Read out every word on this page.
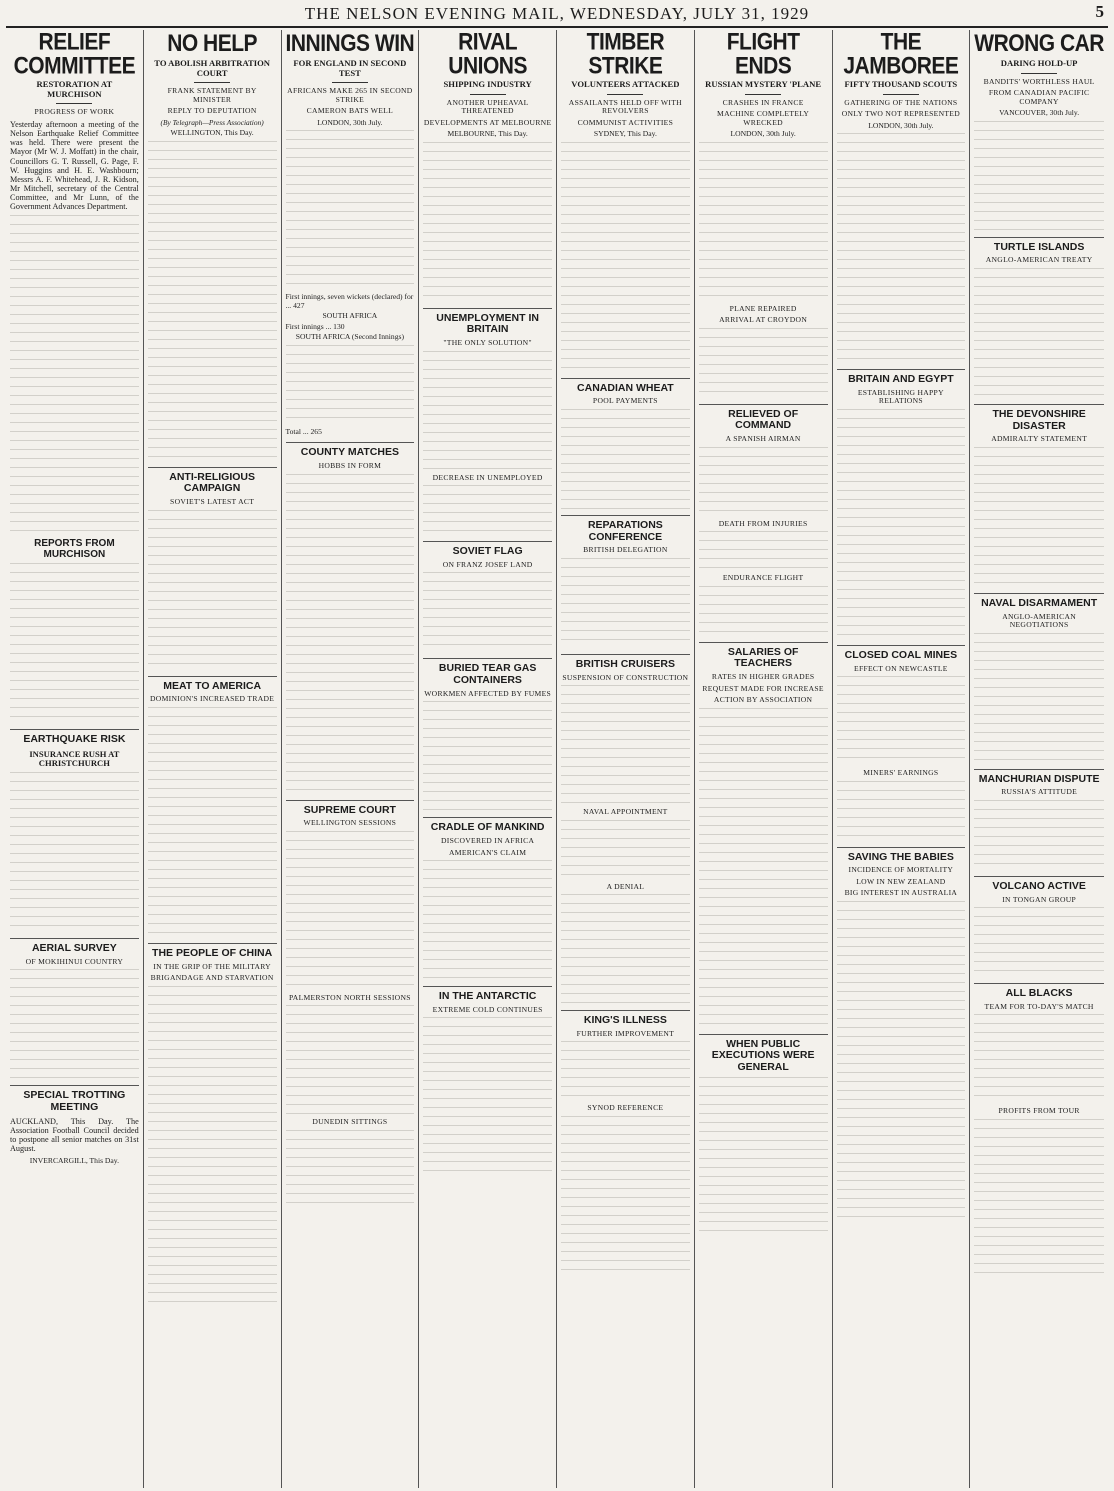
THE NELSON EVENING MAIL, WEDNESDAY, JULY 31, 1929	5
RELIEF COMMITTEE
RESTORATION AT MURCHISON
PROGRESS OF WORK

Yesterday afternoon a meeting of the Nelson Earthquake Relief Committee was held. There were present the Mayor (Mr W. J. Moffatt) in the chair, Councillors G. T. Russell, G. Page, F. W. Huggins and H. E. Washbourn; Messrs A. F. Whitehead, J. R. Kidson, Mr Mitchell, secretary of the Central Committee, and Mr Lunn, of the Government Advances Department.

REPORTS FROM MURCHISON
EARTHQUAKE RISK
INSURANCE RUSH AT CHRISTCHURCH
AERIAL SURVEY
OF MOKIHINUI COUNTRY
SPECIAL TROTTING MEETING

AUCKLAND, This Day. The Association Football Council decided to postpone all senior matches on 31st August.

INVERCARGILL, This Day.
NO HELP
TO ABOLISH ARBITRATION COURT
FRANK STATEMENT BY MINISTER
REPLY TO DEPUTATION
(By Telegraph—Press Association)
WELLINGTON, This Day.
ANTI-RELIGIOUS CAMPAIGN
SOVIET'S LATEST ACT
MEAT TO AMERICA
DOMINION'S INCREASED TRADE
THE PEOPLE OF CHINA
IN THE GRIP OF THE MILITARY
BRIGANDAGE AND STARVATION
INNINGS WIN
FOR ENGLAND IN SECOND TEST
AFRICANS MAKE 265 IN SECOND STRIKE
CAMERON BATS WELL
LONDON, 30th July.
First innings, seven wickets (declared) for ... 427
SOUTH AFRICA
First innings ... 130
SOUTH AFRICA (Second Innings)
Total ... 265
COUNTY MATCHES
HOBBS IN FORM
SUPREME COURT
WELLINGTON SESSIONS
PALMERSTON NORTH SESSIONS
DUNEDIN SITTINGS
RIVAL UNIONS
SHIPPING INDUSTRY
ANOTHER UPHEAVAL THREATENED
DEVELOPMENTS AT MELBOURNE
MELBOURNE, This Day.
UNEMPLOYMENT IN BRITAIN
"THE ONLY SOLUTION"
DECREASE IN UNEMPLOYED
SOVIET FLAG
ON FRANZ JOSEF LAND
BURIED TEAR GAS CONTAINERS
WORKMEN AFFECTED BY FUMES
CRADLE OF MANKIND
DISCOVERED IN AFRICA
AMERICAN'S CLAIM
IN THE ANTARCTIC
EXTREME COLD CONTINUES
TIMBER STRIKE
VOLUNTEERS ATTACKED
ASSAILANTS HELD OFF WITH REVOLVERS
COMMUNIST ACTIVITIES
SYDNEY, This Day.
CANADIAN WHEAT
POOL PAYMENTS
REPARATIONS CONFERENCE
BRITISH DELEGATION
BRITISH CRUISERS
SUSPENSION OF CONSTRUCTION
NAVAL APPOINTMENT
A DENIAL
KING'S ILLNESS
FURTHER IMPROVEMENT
SYNOD REFERENCE
FLIGHT ENDS
RUSSIAN MYSTERY 'PLANE
CRASHES IN FRANCE
MACHINE COMPLETELY WRECKED
LONDON, 30th July.
PLANE REPAIRED
ARRIVAL AT CROYDON
RELIEVED OF COMMAND
A SPANISH AIRMAN
DEATH FROM INJURIES
ENDURANCE FLIGHT
SALARIES OF TEACHERS
RATES IN HIGHER GRADES
REQUEST MADE FOR INCREASE
ACTION BY ASSOCIATION
WHEN PUBLIC EXECUTIONS WERE GENERAL
THE JAMBOREE
FIFTY THOUSAND SCOUTS
GATHERING OF THE NATIONS
ONLY TWO NOT REPRESENTED
LONDON, 30th July.
BRITAIN AND EGYPT
ESTABLISHING HAPPY RELATIONS
CLOSED COAL MINES
EFFECT ON NEWCASTLE
MINERS' EARNINGS
SAVING THE BABIES
INCIDENCE OF MORTALITY
LOW IN NEW ZEALAND
BIG INTEREST IN AUSTRALIA
WRONG CAR
DARING HOLD-UP
BANDITS' WORTHLESS HAUL
FROM CANADIAN PACIFIC COMPANY
VANCOUVER, 30th July.
TURTLE ISLANDS
ANGLO-AMERICAN TREATY
THE DEVONSHIRE DISASTER
ADMIRALTY STATEMENT
NAVAL DISARMAMENT
ANGLO-AMERICAN NEGOTIATIONS
MANCHURIAN DISPUTE
RUSSIA'S ATTITUDE
VOLCANO ACTIVE
IN TONGAN GROUP
ALL BLACKS
TEAM FOR TO-DAY'S MATCH
PROFITS FROM TOUR
